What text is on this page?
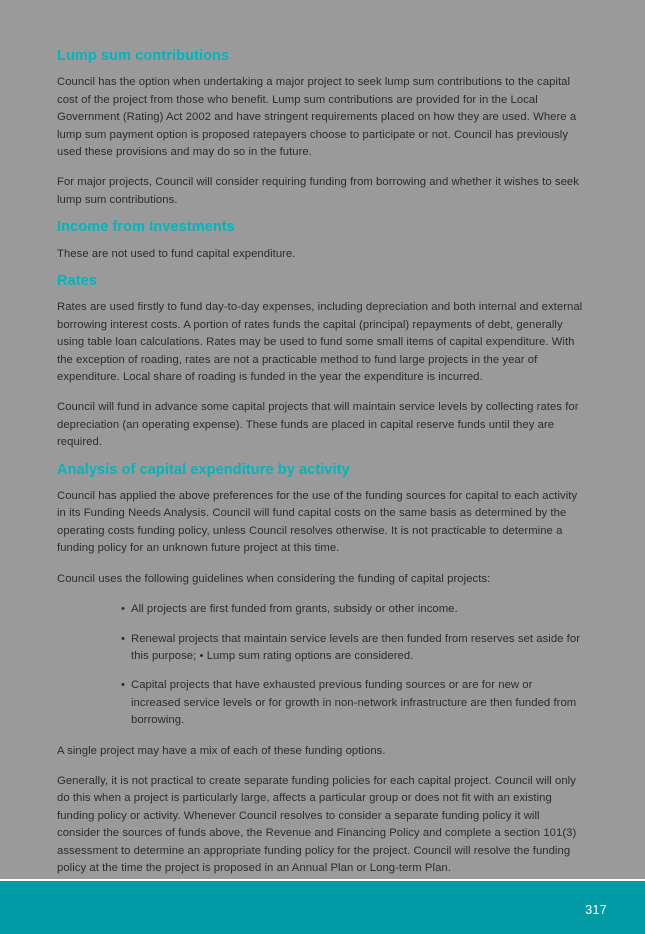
Lump sum contributions

Council has the option when undertaking a major project to seek lump sum contributions to the capital cost of the project from those who benefit. Lump sum contributions are provided for in the Local Government (Rating) Act 2002 and have stringent requirements placed on how they are used. Where a lump sum payment option is proposed ratepayers choose to participate or not. Council has previously used these provisions and may do so in the future.

For major projects, Council will consider requiring funding from borrowing and whether it wishes to seek lump sum contributions.

Income from Investments

These are not used to fund capital expenditure.

Rates

Rates are used firstly to fund day-to-day expenses, including depreciation and both internal and external borrowing interest costs. A portion of rates funds the capital (principal) repayments of debt, generally using table loan calculations. Rates may be used to fund some small items of capital expenditure. With the exception of roading, rates are not a practicable method to fund large projects in the year of expenditure. Local share of roading is funded in the year the expenditure is incurred.

Council will fund in advance some capital projects that will maintain service levels by collecting rates for depreciation (an operating expense). These funds are placed in capital reserve funds until they are required.

Analysis of capital expenditure by activity

Council has applied the above preferences for the use of the funding sources for capital to each activity in its Funding Needs Analysis. Council will fund capital costs on the same basis as determined by the operating costs funding policy, unless Council resolves otherwise. It is not practicable to determine a funding policy for an unknown future project at this time.

Council uses the following guidelines when considering the funding of capital projects:

• All projects are first funded from grants, subsidy or other income.
• Renewal projects that maintain service levels are then funded from reserves set aside for this purpose; • Lump sum rating options are considered.
• Capital projects that have exhausted previous funding sources or are for new or increased service levels or for growth in non-network infrastructure are then funded from borrowing.

A single project may have a mix of each of these funding options.

Generally, it is not practical to create separate funding policies for each capital project. Council will only do this when a project is particularly large, affects a particular group or does not fit with an existing funding policy or activity. Whenever Council resolves to consider a separate funding policy it will consider the sources of funds above, the Revenue and Financing Policy and complete a section 101(3) assessment to determine an appropriate funding policy for the project. Council will resolve the funding policy at the time the project is proposed in an Annual Plan or Long-term Plan.

317
